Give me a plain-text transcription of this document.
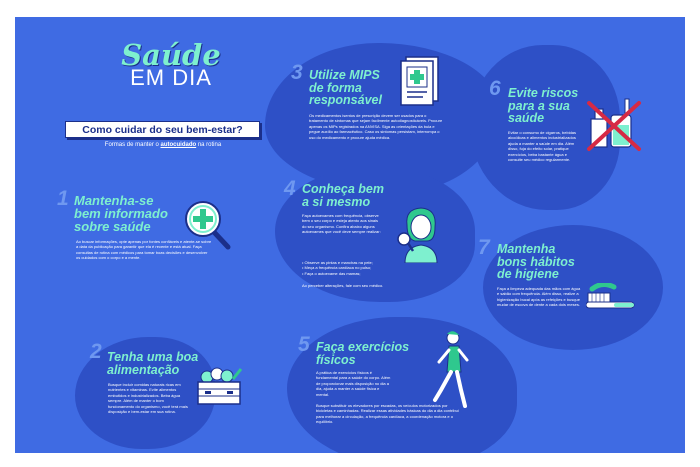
Saúde
EM DIA
Como cuidar do seu bem-estar?
Formas de manter o autocuidado na rotina
1 Mantenha-se
bem informado
sobre saúde
Ao buscar informações, opte apenas por fontes confiáveis e atente-se sobre a data da publicação para garantir que ela é recente e está atual. Faça consultas de rotina com médicos para tomar boas decisões e desenvolver os cuidados com o corpo e a mente.
2 Tenha uma boa
alimentação
Busque incluir comidas naturais ricas em nutrientes e vitaminas. Evite alimentos embutidos e industrializados. Beba água sempre. Além de manter o bom funcionamento do organismo, você terá mais disposição e bem-estar em sua rotina.
3 Utilize MIPS
de forma
responsável
Os medicamentos isentos de prescrição devem ser usados para o tratamento de sintomas que sejam facilmente autodiagnosticáveis. Procure apenas os MIPs registrados na ANVISA. Siga as orientações da bula e pegue auxílio ao farmacêutico. Caso os sintomas persistam, interrompa o uso do medicamento e procure ajuda médica.
4 Conheça bem
a si mesmo
Faça autoexames com frequência, observe bem o seu corpo e esteja atento aos sinais do seu organismo. Confira abaixo alguns autoexames que você deve sempre realizar:
• Observe as pintas e manchas na pele;
• Meça a frequência cardíaca no pulso;
• Faça o autoexame das mamas;
Ao perceber alterações, fale com seu médico.
5 Faça exercícios
físicos
A prática de exercícios físicos é fundamental para a saúde do corpo. Além de proporcionar mais disposição no dia a dia, ajuda a manter a saúde física e mental.
Busque substituir os elevadores por escadas, os veículos motorizados por bicicletas e caminhadas. Realizar essas atividades básicas do dia a dia contribui para melhorar a circulação, a frequência cardíaca, a coordenação motora e o equilíbrio.
6 Evite riscos
para a sua
saúde
Evitar o consumo de cigarros, bebidas alcoólicas e alimentos industrializados ajuda a manter a saúde em dia. Além disso, fuja do efeito solar, pratique exercícios, beba bastante água e consulte seu médico regularmente.
7 Mantenha
bons hábitos
de higiene
Faça a limpeza adequada das mãos com água e sabão com frequência. Além disso, realize a higienização bucal após as refeições e busque mudar de escova de dente a cada dois meses.
